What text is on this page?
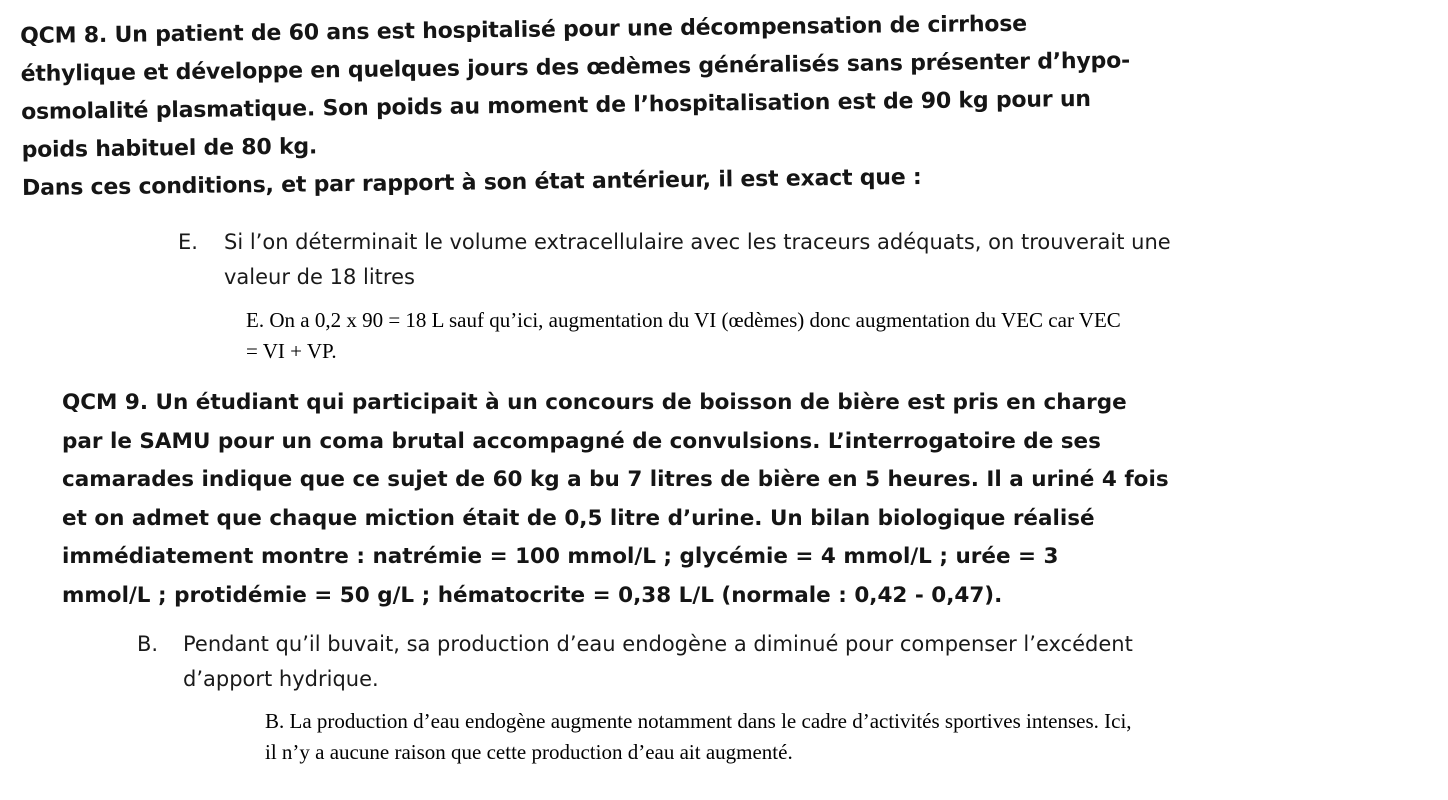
QCM 8. Un patient de 60 ans est hospitalisé pour une décompensation de cirrhose
éthylique et développe en quelques jours des œdèmes généralisés sans présenter d’hypo-
osmolalité plasmatique. Son poids au moment de l’hospitalisation est de 90 kg pour un
poids habituel de 80 kg.
Dans ces conditions, et par rapport à son état antérieur, il est exact que :
E.	Si l’on déterminait le volume extracellulaire avec les traceurs adéquats, on trouverait une
valeur de 18 litres
E. On a 0,2 x 90 = 18 L sauf qu’ici, augmentation du VI (œdèmes) donc augmentation du VEC car VEC
= VI + VP.
QCM 9. Un étudiant qui participait à un concours de boisson de bière est pris en charge
par le SAMU pour un coma brutal accompagné de convulsions. L’interrogatoire de ses
camarades indique que ce sujet de 60 kg a bu 7 litres de bière en 5 heures. Il a uriné 4 fois
et on admet que chaque miction était de 0,5 litre d’urine. Un bilan biologique réalisé
immédiatement montre : natrémie = 100 mmol/L ; glycémie = 4 mmol/L ; urée = 3
mmol/L ; protidémie = 50 g/L ; hématocrite = 0,38 L/L (normale : 0,42 - 0,47).
B.	Pendant qu’il buvait, sa production d’eau endogène a diminué pour compenser l’excédent
d’apport hydrique.
B. La production d’eau endogène augmente notamment dans le cadre d’activités sportives intenses. Ici,
il n’y a aucune raison que cette production d’eau ait augmenté.
